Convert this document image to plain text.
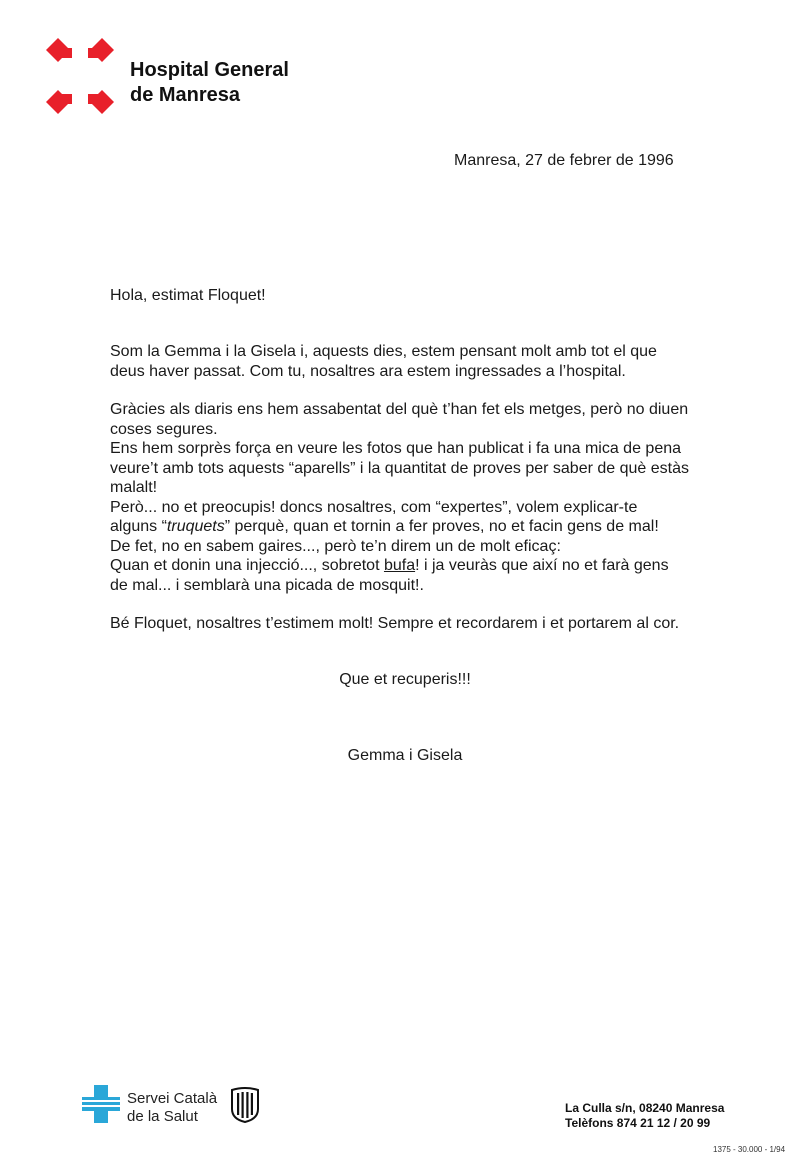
Hospital General
de Manresa
Manresa, 27 de febrer de 1996
Hola, estimat Floquet!

Som la Gemma i la Gisela i, aquests dies, estem pensant molt amb tot el que
deus haver passat. Com tu, nosaltres ara estem ingressades a l’hospital.

Gràcies als diaris ens hem assabentat del què t’han fet els metges, però no diuen
coses segures.
Ens hem sorprès força en veure les fotos que han publicat i fa una mica de pena
veure’t amb tots aquests “aparells” i la quantitat de proves per saber de què estàs
malalt!
Però... no et preocupis! doncs nosaltres, com “expertes”, volem explicar-te
alguns “truquets” perquè, quan et tornin a fer proves, no et facin gens de mal!
De fet, no en sabem gaires..., però te’n direm un de molt eficaç:
Quan et donin una injecció..., sobretot bufa! i ja veuràs que així no et farà gens
de mal... i semblarà una picada de mosquit!.

Bé Floquet, nosaltres t’estimem molt! Sempre et recordarem i et portarem al cor.

Que et recuperis!!!
Gemma i Gisela
Servei Català
de la Salut	La Culla s/n, 08240 Manresa
Telèfons 874 21 12 / 20 99
1375 - 30.000 - 1/94
